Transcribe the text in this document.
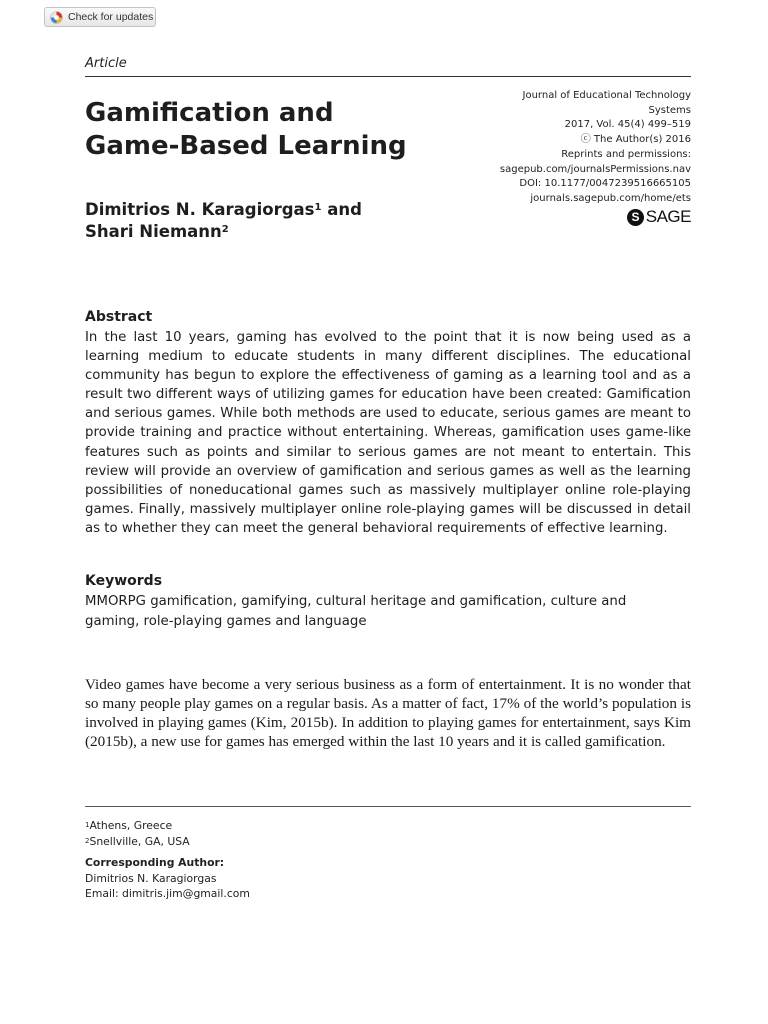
Check for updates
Article
Gamification and
Game-Based Learning
Journal of Educational Technology
Systems
2017, Vol. 45(4) 499–519
ⓒ The Author(s) 2016
Reprints and permissions:
sagepub.com/journalsPermissions.nav
DOI: 10.1177/0047239516665105
journals.sagepub.com/home/ets
S SAGE
Dimitrios N. Karagiorgas$^1$ and
Shari Niemann$^2$
Abstract
In the last 10 years, gaming has evolved to the point that it is now being used as a learning medium to educate students in many different disciplines. The educational community has begun to explore the effectiveness of gaming as a learning tool and as a result two different ways of utilizing games for education have been created: Gamification and serious games. While both methods are used to educate, serious games are meant to provide training and practice without entertaining. Whereas, gamification uses game-like features such as points and similar to serious games are not meant to entertain. This review will provide an overview of gamification and serious games as well as the learning possibilities of noneducational games such as massively multiplayer online role-playing games. Finally, massively multiplayer online role-playing games will be discussed in detail as to whether they can meet the general behavioral requirements of effective learning.
Keywords
MMORPG gamification, gamifying, cultural heritage and gamification, culture and gaming, role-playing games and language
Video games have become a very serious business as a form of entertainment. It is no wonder that so many people play games on a regular basis. As a matter of fact, 17% of the world’s population is involved in playing games (Kim, 2015b). In addition to playing games for entertainment, says Kim (2015b), a new use for games has emerged within the last 10 years and it is called gamification.
$^1$Athens, Greece
$^2$Snellville, GA, USA
Corresponding Author:
Dimitrios N. Karagiorgas
Email: dimitris.jim@gmail.com
